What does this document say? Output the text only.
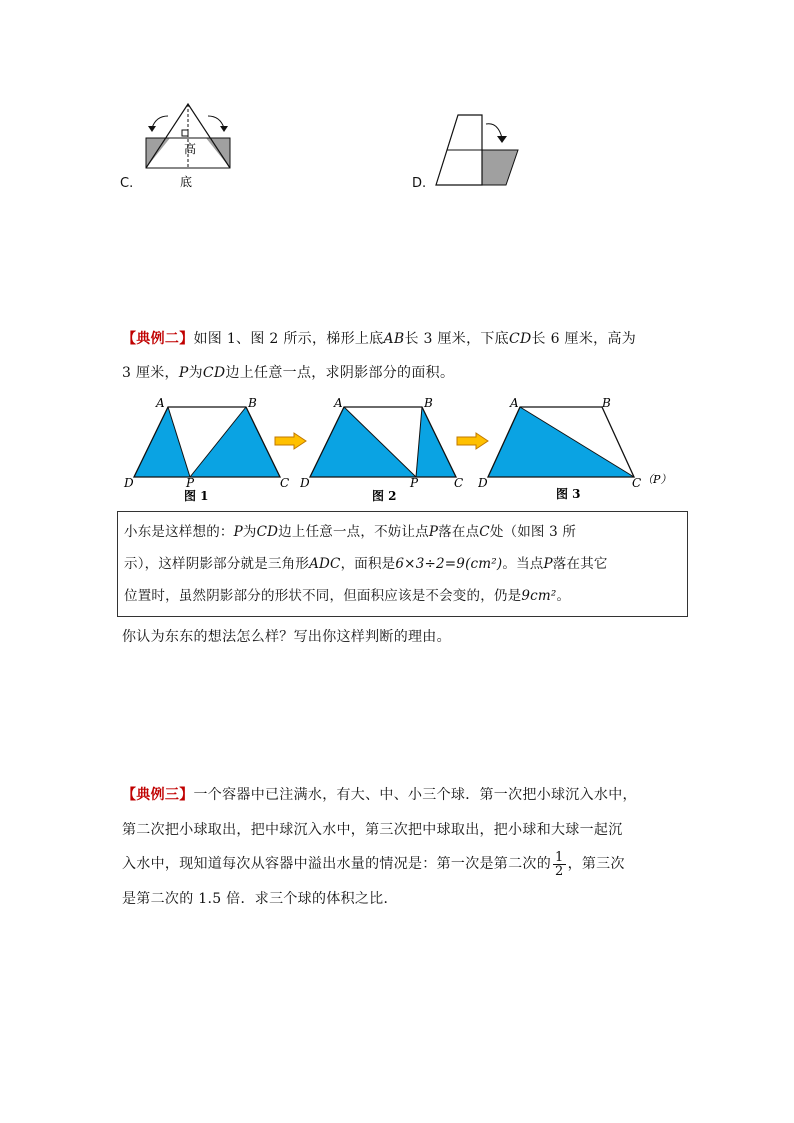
C.
高
底	D.
【典例二】如图 1、图 2 所示，梯形上底AB长 3 厘米，下底CD长 6 厘米，高为
3 厘米，P为CD边上任意一点，求阴影部分的面积。
A	B
D	P	C
图 1
A	B
D	P	C
图 2
A	B
D	C （P）
图 3
小东是这样想的：P为CD边上任意一点，不妨让点P落在点C处（如图 3 所
示），这样阴影部分就是三角形ADC，面积是6×3÷2=9(cm²)。当点P落在其它
位置时，虽然阴影部分的形状不同，但面积应该是不会变的，仍是9cm²。
你认为东东的想法怎么样？写出你这样判断的理由。
【典例三】一个容器中已注满水，有大、中、小三个球．第一次把小球沉入水中，
第二次把小球取出，把中球沉入水中，第三次把中球取出，把小球和大球一起沉
入水中，现知道每次从容器中溢出水量的情况是：第一次是第二次的 $\frac{1}{2}$ ，第三次
是第二次的 1.5 倍．求三个球的体积之比．
